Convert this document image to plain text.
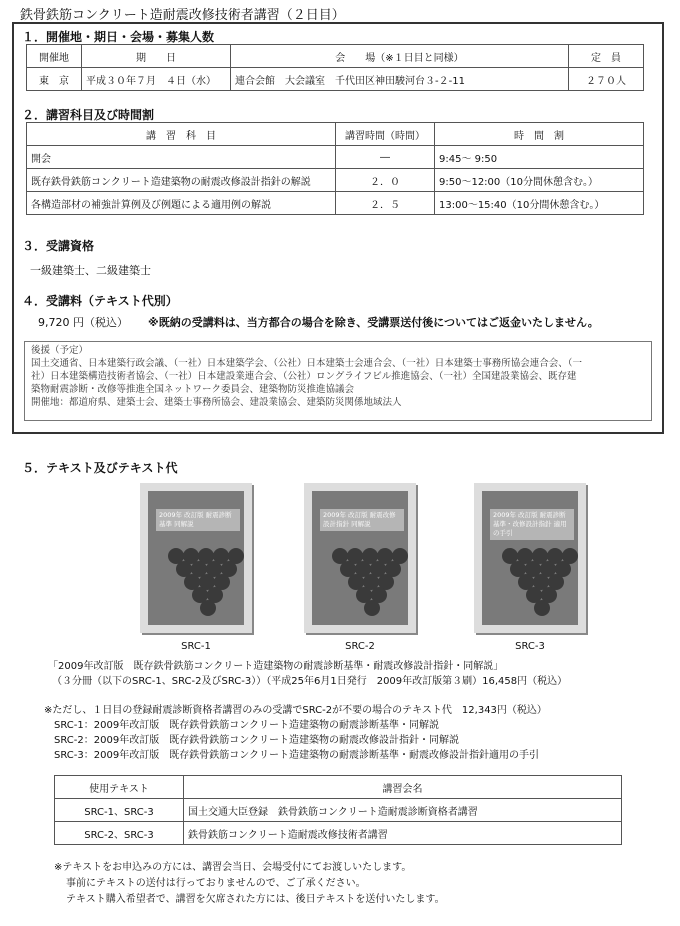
鉄骨鉄筋コンクリート造耐震改修技術者講習（２日目）
１．開催地・期日・会場・募集人数
開催地	期　　日	会　　場（※１日目と同様）	定　員
東　京	平成３０年７月　４日（水）	連合会館　大会議室　千代田区神田駿河台３-２-11	２７０人
２．講習科目及び時間割
講　習　科　目	講習時間（時間）	時　間　割
開会	―	9:45～ 9:50
既存鉄骨鉄筋コンクリート造建築物の耐震改修設計指針の解説	２．０	9:50～12:00（10分間休憩含む。）
各構造部材の補強計算例及び例題による適用例の解説	２．５	13:00～15:40（10分間休憩含む。）
３．受講資格
一級建築士、二級建築士
４．受講料（テキスト代別）
9,720 円（税込） ※既納の受講料は、当方都合の場合を除き、受講票送付後についてはご返金いたしません。
後援（予定）
国土交通省、日本建築行政会議、（一社）日本建築学会、（公社）日本建築士会連合会、（一社）日本建築士事務所協会連合会、（一
社）日本建築構造技術者協会、（一社）日本建設業連合会、（公社）ロングライフビル推進協会、（一社）全国建設業協会、既存建
築物耐震診断・改修等推進全国ネットワーク委員会、建築物防災推進協議会
開催地：都道府県、建築士会、建築士事務所協会、建設業協会、建築防災関係地域法人
５．テキスト及びテキスト代
2009年 改訂版 耐震診断基準 同解説
2009年 改訂版 耐震改修設計指針 同解説
2009年 改訂版 耐震診断基準・改修設計指針 適用の手引
SRC-1	SRC-2	SRC-3
「2009年改訂版　既存鉄骨鉄筋コンクリート造建築物の耐震診断基準・耐震改修設計指針・同解説」
（３分冊（以下のSRC-1、SRC-2及びSRC-3））（平成25年6月1日発行　2009年改訂版第３刷）16,458円（税込）
※ただし、１日目の登録耐震診断資格者講習のみの受講でSRC-2が不要の場合のテキスト代　12,343円（税込）
SRC-1：2009年改訂版　既存鉄骨鉄筋コンクリート造建築物の耐震診断基準・同解説
SRC-2：2009年改訂版　既存鉄骨鉄筋コンクリート造建築物の耐震改修設計指針・同解説
SRC-3：2009年改訂版　既存鉄骨鉄筋コンクリート造建築物の耐震診断基準・耐震改修設計指針適用の手引
使用テキスト	講習会名
SRC-1、SRC-3	国土交通大臣登録　鉄骨鉄筋コンクリート造耐震診断資格者講習
SRC-2、SRC-3	鉄骨鉄筋コンクリート造耐震改修技術者講習
※テキストをお申込みの方には、講習会当日、会場受付にてお渡しいたします。
事前にテキストの送付は行っておりませんので、ご了承ください。
テキスト購入希望者で、講習を欠席された方には、後日テキストを送付いたします。
